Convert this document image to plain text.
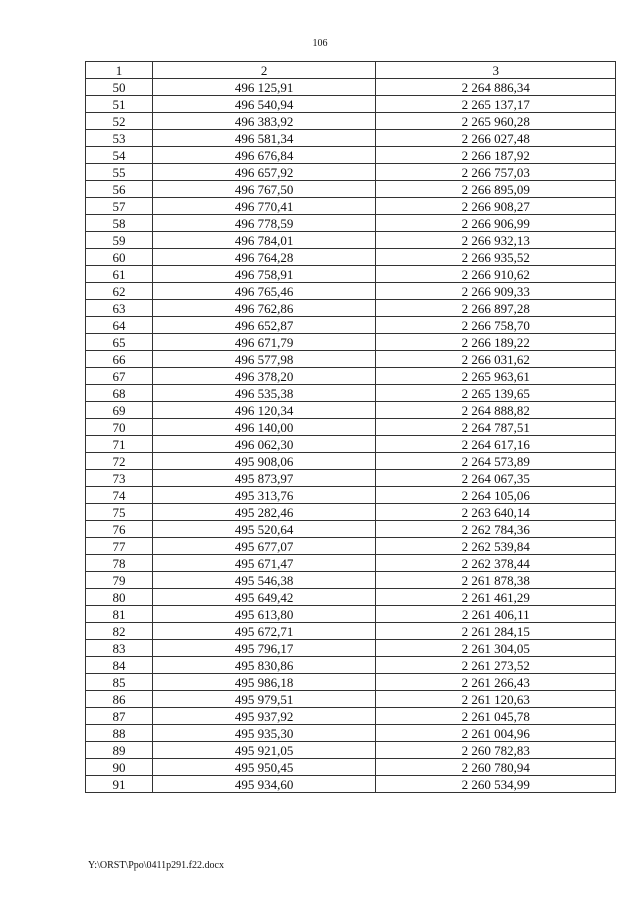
106
1	2	3
50	496 125,91	2 264 886,34
51	496 540,94	2 265 137,17
52	496 383,92	2 265 960,28
53	496 581,34	2 266 027,48
54	496 676,84	2 266 187,92
55	496 657,92	2 266 757,03
56	496 767,50	2 266 895,09
57	496 770,41	2 266 908,27
58	496 778,59	2 266 906,99
59	496 784,01	2 266 932,13
60	496 764,28	2 266 935,52
61	496 758,91	2 266 910,62
62	496 765,46	2 266 909,33
63	496 762,86	2 266 897,28
64	496 652,87	2 266 758,70
65	496 671,79	2 266 189,22
66	496 577,98	2 266 031,62
67	496 378,20	2 265 963,61
68	496 535,38	2 265 139,65
69	496 120,34	2 264 888,82
70	496 140,00	2 264 787,51
71	496 062,30	2 264 617,16
72	495 908,06	2 264 573,89
73	495 873,97	2 264 067,35
74	495 313,76	2 264 105,06
75	495 282,46	2 263 640,14
76	495 520,64	2 262 784,36
77	495 677,07	2 262 539,84
78	495 671,47	2 262 378,44
79	495 546,38	2 261 878,38
80	495 649,42	2 261 461,29
81	495 613,80	2 261 406,11
82	495 672,71	2 261 284,15
83	495 796,17	2 261 304,05
84	495 830,86	2 261 273,52
85	495 986,18	2 261 266,43
86	495 979,51	2 261 120,63
87	495 937,92	2 261 045,78
88	495 935,30	2 261 004,96
89	495 921,05	2 260 782,83
90	495 950,45	2 260 780,94
91	495 934,60	2 260 534,99
Y:\ORST\Ppo\0411p291.f22.docx
